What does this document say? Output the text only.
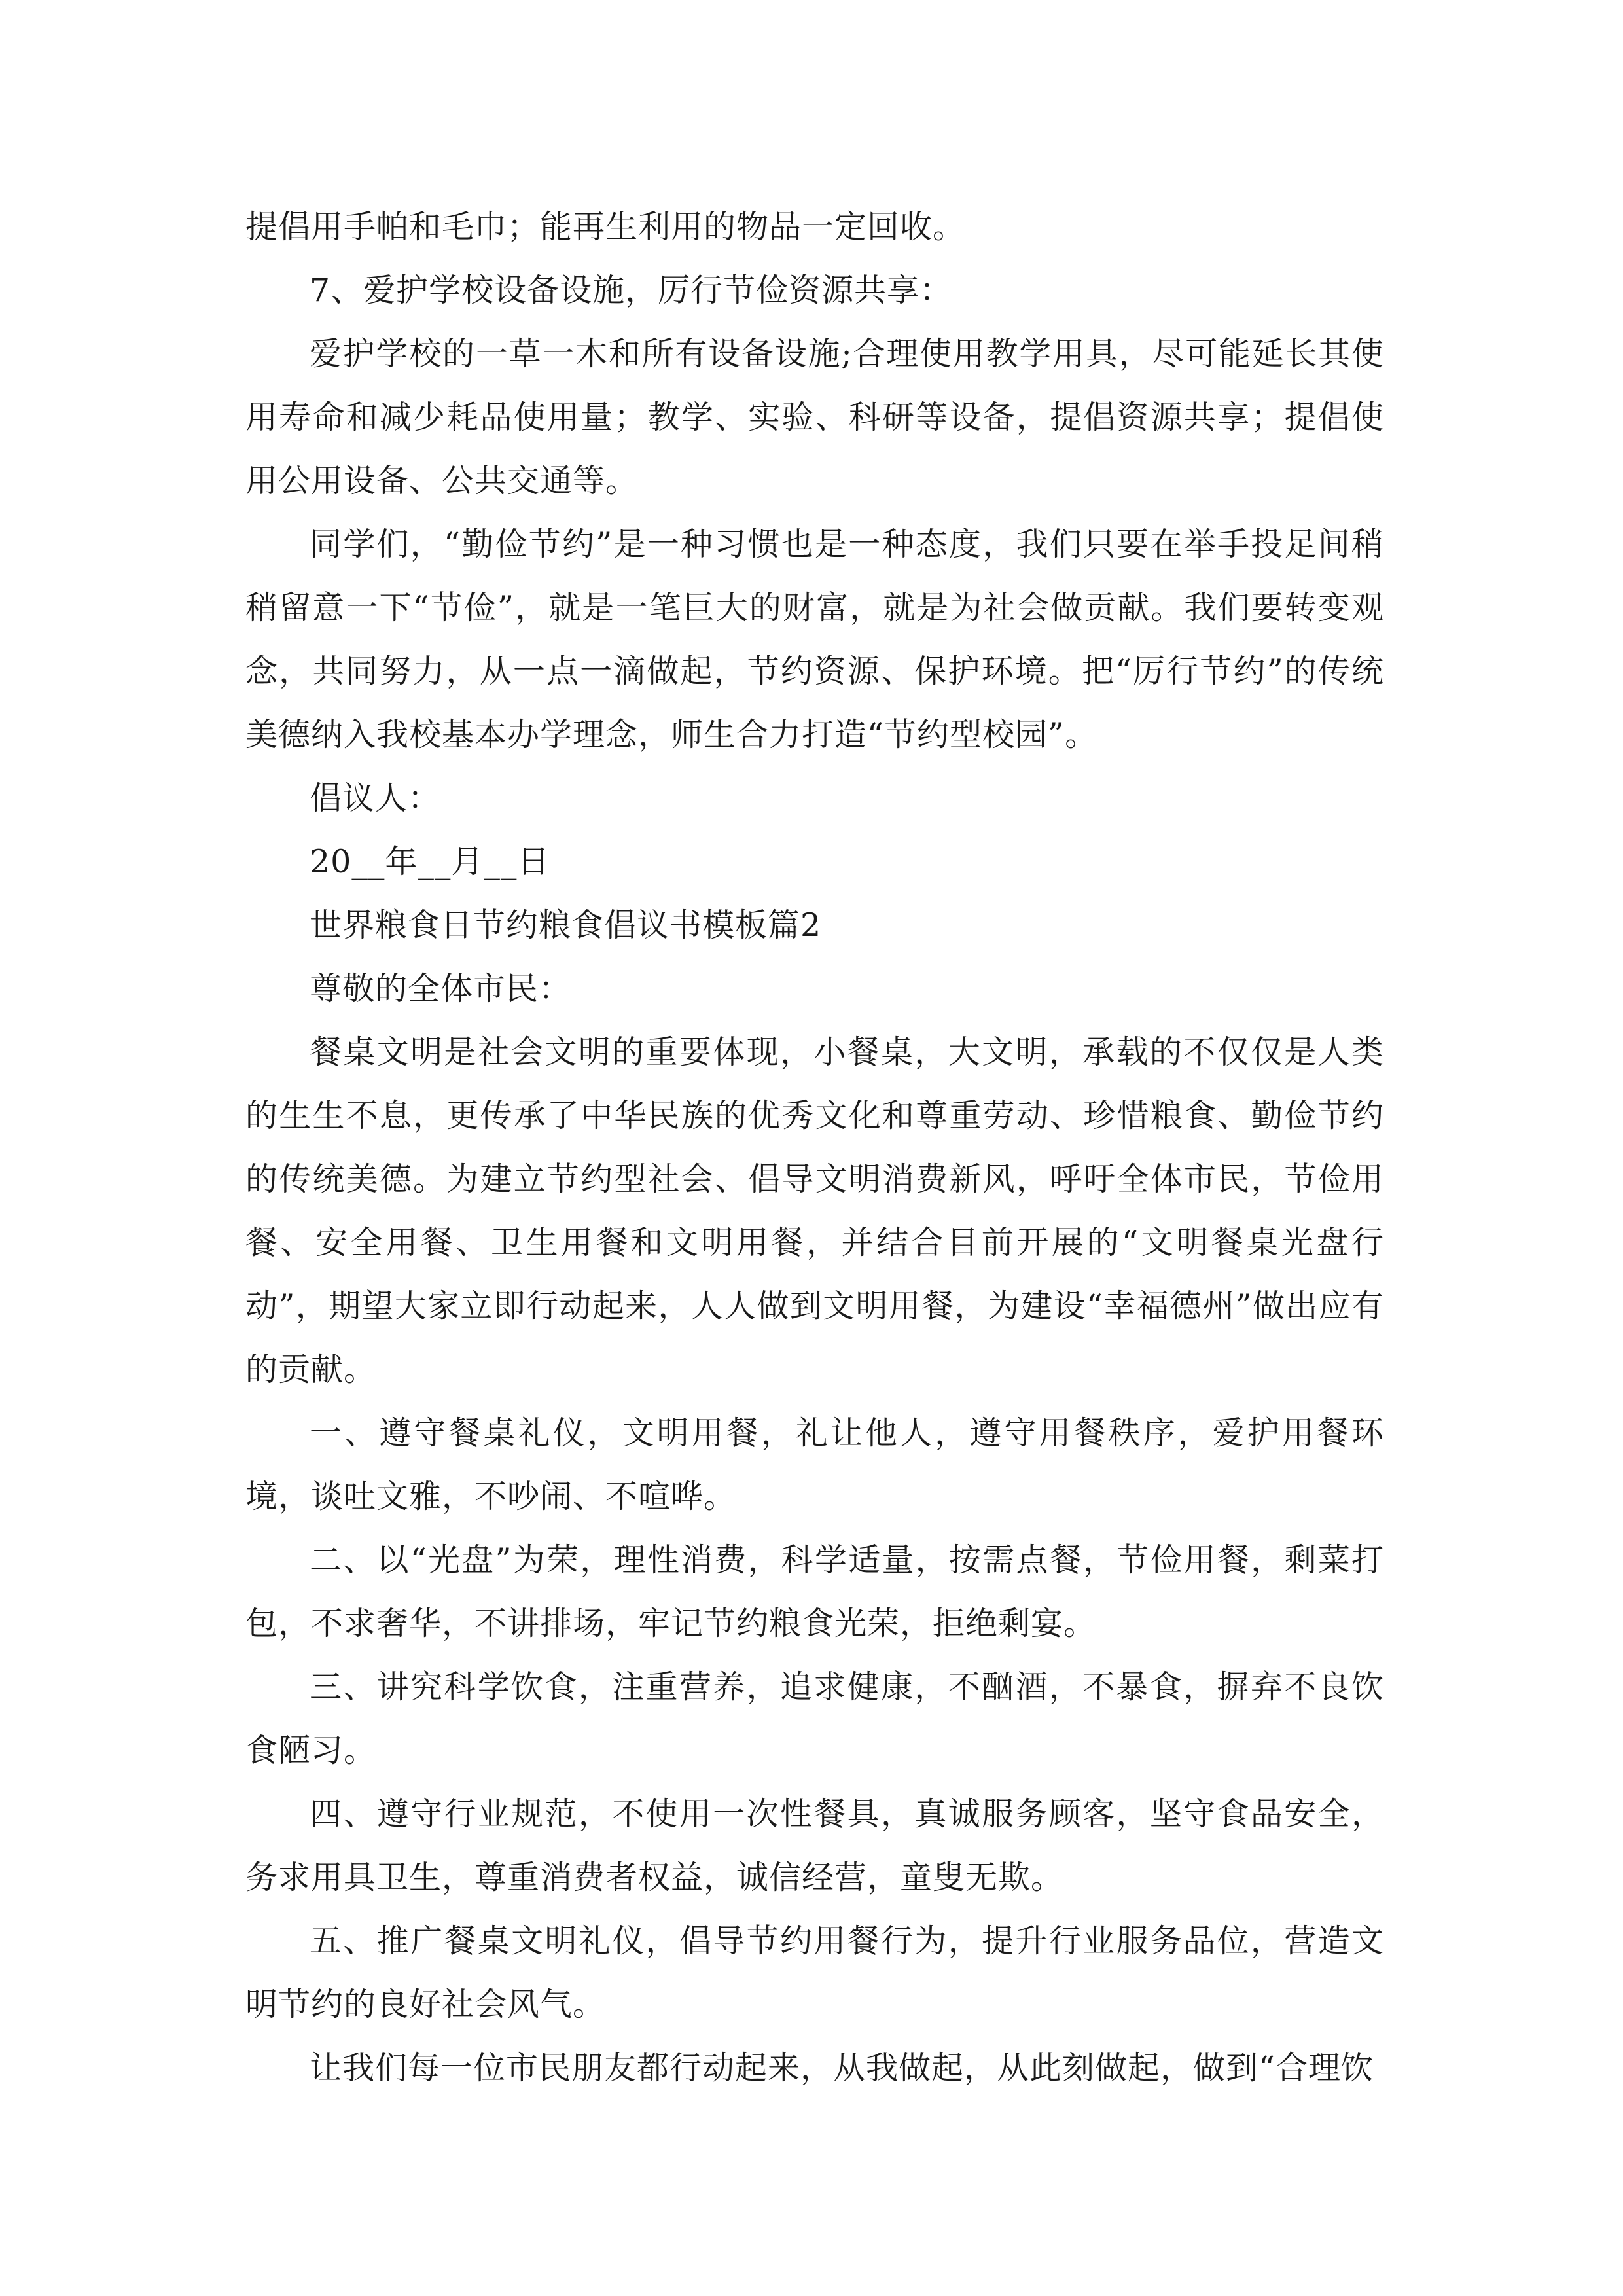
提倡用手帕和毛巾；能再生利用的物品一定回收。

7、爱护学校设备设施，厉行节俭资源共享：

爱护学校的一草一木和所有设备设施;合理使用教学用具，尽可能延长其使用寿命和减少耗品使用量；教学、实验、科研等设备，提倡资源共享；提倡使用公用设备、公共交通等。

同学们，“勤俭节约”是一种习惯也是一种态度，我们只要在举手投足间稍稍留意一下“节俭”，就是一笔巨大的财富，就是为社会做贡献。我们要转变观念，共同努力，从一点一滴做起，节约资源、保护环境。把“厉行节约”的传统美德纳入我校基本办学理念，师生合力打造“节约型校园”。

倡议人：

20__年__月__日

世界粮食日节约粮食倡议书模板篇2

尊敬的全体市民：

餐桌文明是社会文明的重要体现，小餐桌，大文明，承载的不仅仅是人类的生生不息，更传承了中华民族的优秀文化和尊重劳动、珍惜粮食、勤俭节约的传统美德。为建立节约型社会、倡导文明消费新风，呼吁全体市民，节俭用餐、安全用餐、卫生用餐和文明用餐，并结合目前开展的“文明餐桌光盘行动”，期望大家立即行动起来，人人做到文明用餐，为建设“幸福德州”做出应有的贡献。

一、遵守餐桌礼仪，文明用餐，礼让他人，遵守用餐秩序，爱护用餐环境，谈吐文雅，不吵闹、不喧哗。

二、以“光盘”为荣，理性消费，科学适量，按需点餐，节俭用餐，剩菜打包，不求奢华，不讲排场，牢记节约粮食光荣，拒绝剩宴。

三、讲究科学饮食，注重营养，追求健康，不酗酒，不暴食，摒弃不良饮食陋习。

四、遵守行业规范，不使用一次性餐具，真诚服务顾客，坚守食品安全，务求用具卫生，尊重消费者权益，诚信经营，童叟无欺。

五、推广餐桌文明礼仪，倡导节约用餐行为，提升行业服务品位，营造文明节约的良好社会风气。

让我们每一位市民朋友都行动起来，从我做起，从此刻做起，做到“合理饮
